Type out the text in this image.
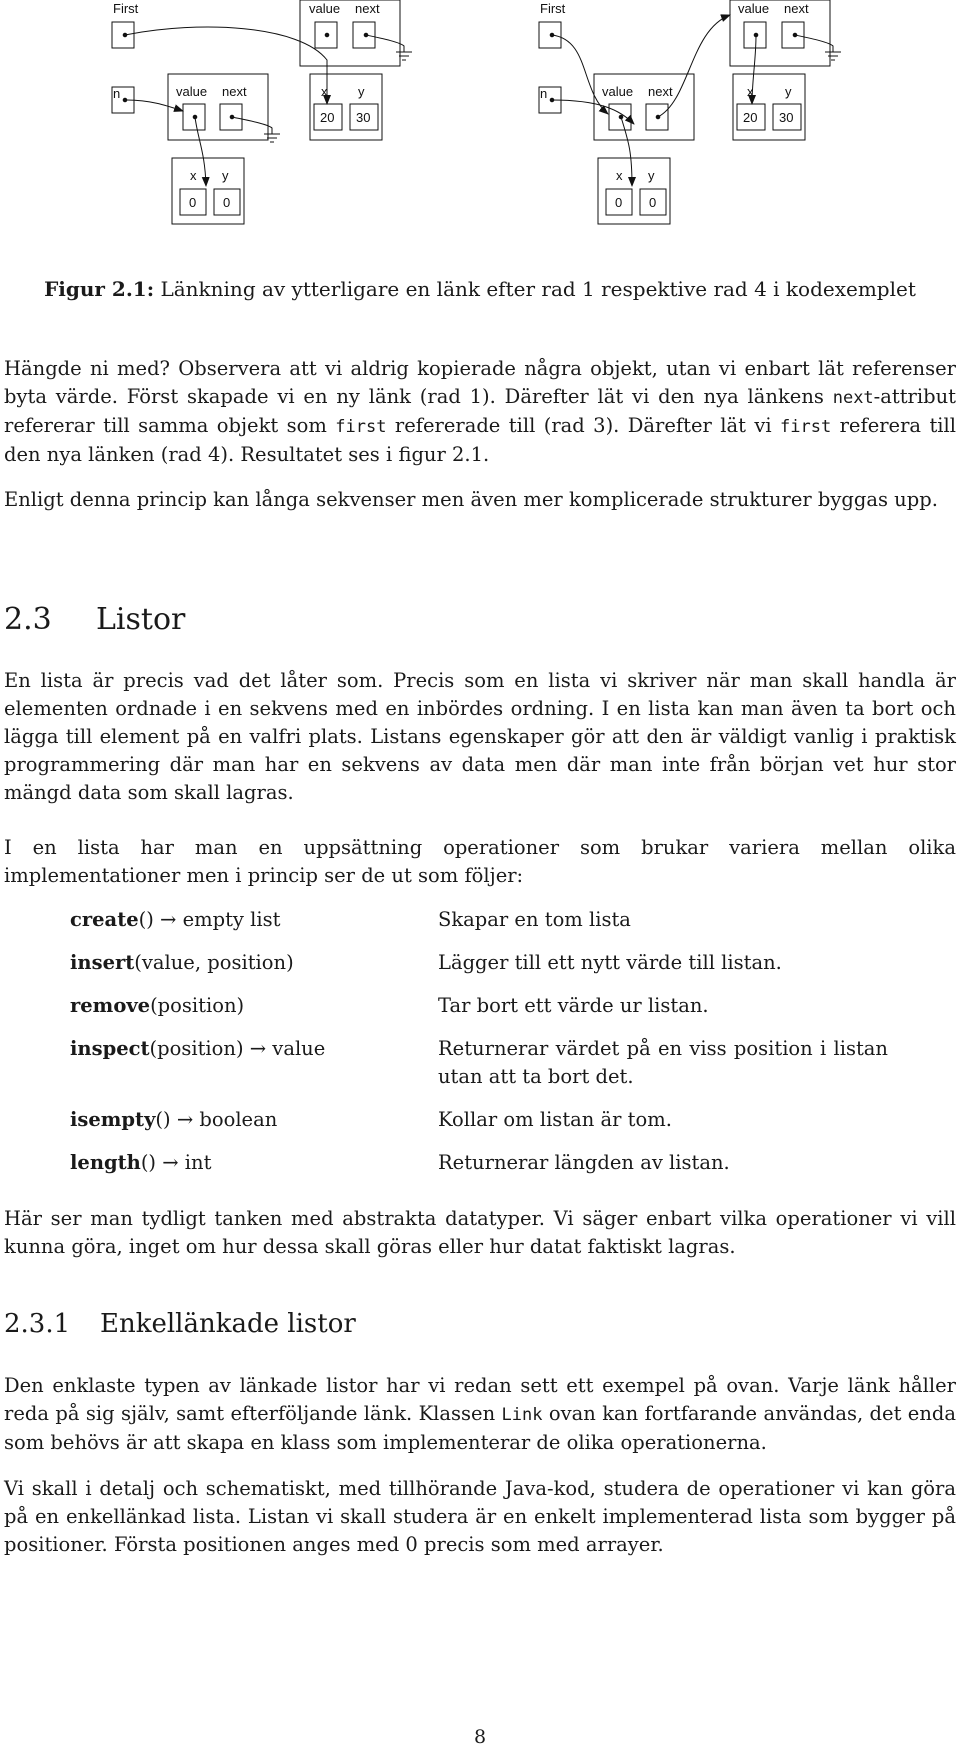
First	value next
n	value next	x y
20 30
x y
0 0
First	value next
n	value next	x y
20 30
x y
0 0
Figur 2.1: Länkning av ytterligare en länk efter rad 1 respektive rad 4 i kodexemplet
Hängde ni med? Observera att vi aldrig kopierade några objekt, utan vi enbart lät referenser byta värde. Först skapade vi en ny länk (rad 1). Därefter lät vi den nya länkens next-attribut refererar till samma objekt som first refererade till (rad 3). Därefter lät vi first referera till den nya länken (rad 4). Resultatet ses i figur 2.1.
Enligt denna princip kan långa sekvenser men även mer komplicerade strukturer byggas upp.
2.3 Listor
En lista är precis vad det låter som. Precis som en lista vi skriver när man skall handla är elementen ordnade i en sekvens med en inbördes ordning. I en lista kan man även ta bort och lägga till element på en valfri plats. Listans egenskaper gör att den är väldigt vanlig i praktisk programmering där man har en sekvens av data men där man inte från början vet hur stor mängd data som skall lagras.
I en lista har man en uppsättning operationer som brukar variera mellan olika implementationer men i princip ser de ut som följer:
create() → empty list	Skapar en tom lista
insert(value, position)	Lägger till ett nytt värde till listan.
remove(position)	Tar bort ett värde ur listan.
inspect(position) → value	Returnerar värdet på en viss position i listan utan att ta bort det.
isempty() → boolean	Kollar om listan är tom.
length() → int	Returnerar längden av listan.
Här ser man tydligt tanken med abstrakta datatyper. Vi säger enbart vilka operationer vi vill kunna göra, inget om hur dessa skall göras eller hur datat faktiskt lagras.
2.3.1 Enkellänkade listor
Den enklaste typen av länkade listor har vi redan sett ett exempel på ovan. Varje länk håller reda på sig själv, samt efterföljande länk. Klassen Link ovan kan fortfarande användas, det enda som behövs är att skapa en klass som implementerar de olika operationerna.
Vi skall i detalj och schematiskt, med tillhörande Java-kod, studera de operationer vi kan göra på en enkellänkad lista. Listan vi skall studera är en enkelt implementerad lista som bygger på positioner. Första positionen anges med 0 precis som med arrayer.
8
